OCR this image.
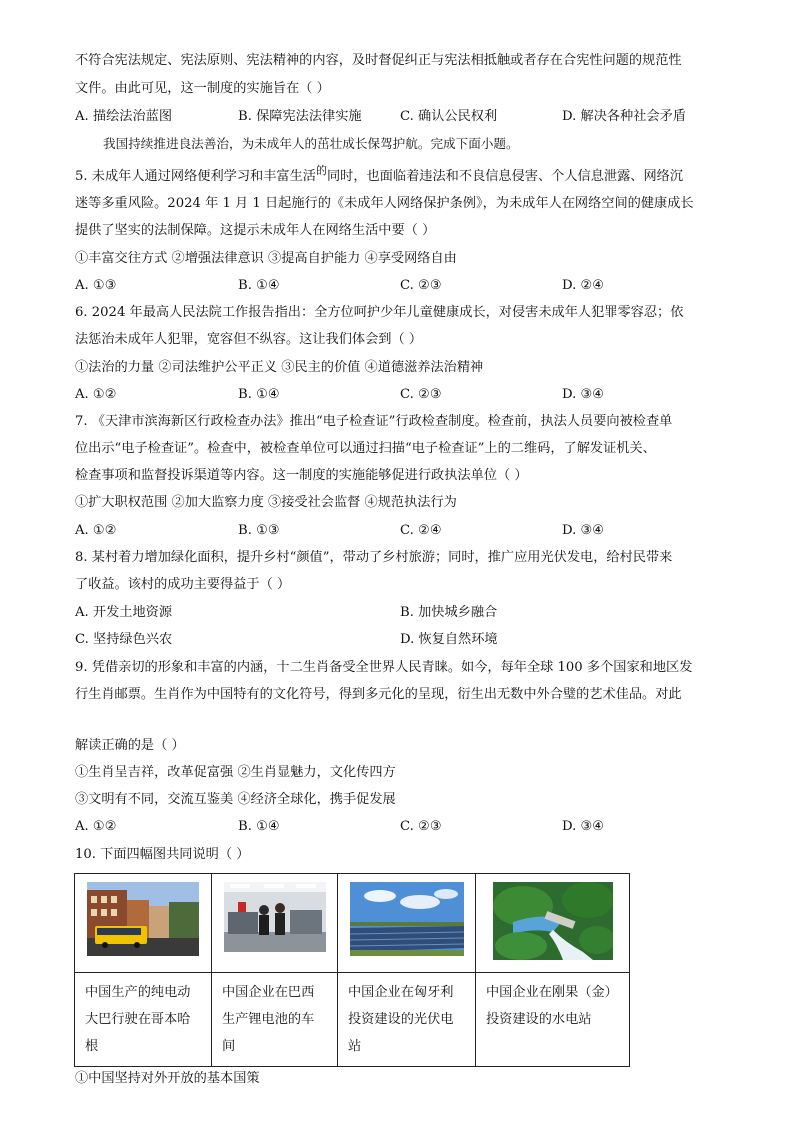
不符合宪法规定、宪法原则、宪法精神的内容，及时督促纠正与宪法相抵触或者存在合宪性问题的规范性
文件。由此可见，这一制度的实施旨在（ ）
A. 描绘法治蓝图	B. 保障宪法法律实施	C. 确认公民权利	D. 解决各种社会矛盾
我国持续推进良法善治，为未成年人的茁壮成长保驾护航。完成下面小题。
5. 未成年人通过网络便利学习和丰富生活$^的$同时，也面临着违法和不良信息侵害、个人信息泄露、网络沉
迷等多重风险。2024 年 1 月 1 日起施行的《未成年人网络保护条例》，为未成年人在网络空间的健康成长
提供了坚实的法制保障。这提示未成年人在网络生活中要（ ）
①丰富交往方式 ②增强法律意识 ③提高自护能力 ④享受网络自由
A. ①③	B. ①④	C. ②③	D. ②④
6. 2024 年最高人民法院工作报告指出：全方位呵护少年儿童健康成长，对侵害未成年人犯罪零容忍；依
法惩治未成年人犯罪，宽容但不纵容。这让我们体会到（ ）
①法治的力量 ②司法维护公平正义 ③民主的价值 ④道德滋养法治精神
A. ①②	B. ①④	C. ②③	D. ③④
7. 《天津市滨海新区行政检查办法》推出“电子检查证”行政检查制度。检查前，执法人员要向被检查单
位出示“电子检查证”。检查中，被检查单位可以通过扫描“电子检查证”上的二维码，了解发证机关、
检查事项和监督投诉渠道等内容。这一制度的实施能够促进行政执法单位（ ）
①扩大职权范围 ②加大监察力度 ③接受社会监督 ④规范执法行为
A. ①②	B. ①③	C. ②④	D. ③④
8. 某村着力增加绿化面积，提升乡村“颜值”，带动了乡村旅游；同时，推广应用光伏发电，给村民带来
了收益。该村的成功主要得益于（ ）
A. 开发土地资源	B. 加快城乡融合
C. 坚持绿色兴农	D. 恢复自然环境
9. 凭借亲切的形象和丰富的内涵，十二生肖备受全世界人民青睐。如今，每年全球 100 多个国家和地区发
行生肖邮票。生肖作为中国特有的文化符号，得到多元化的呈现，衍生出无数中外合璧的艺术佳品。对此
解读正确的是（ ）
①生肖呈吉祥，改革促富强 ②生肖显魅力，文化传四方
③文明有不同，交流互鉴美 ④经济全球化，携手促发展
A. ①②	B. ①④	C. ②③	D. ③④
10. 下面四幅图共同说明（ ）

中国生产的纯电动大巴行驶在哥本哈根	中国企业在巴西生产锂电池的车间	中国企业在匈牙利投资建设的光伏电站	中国企业在刚果（金）投资建设的水电站
①中国坚持对外开放的基本国策
